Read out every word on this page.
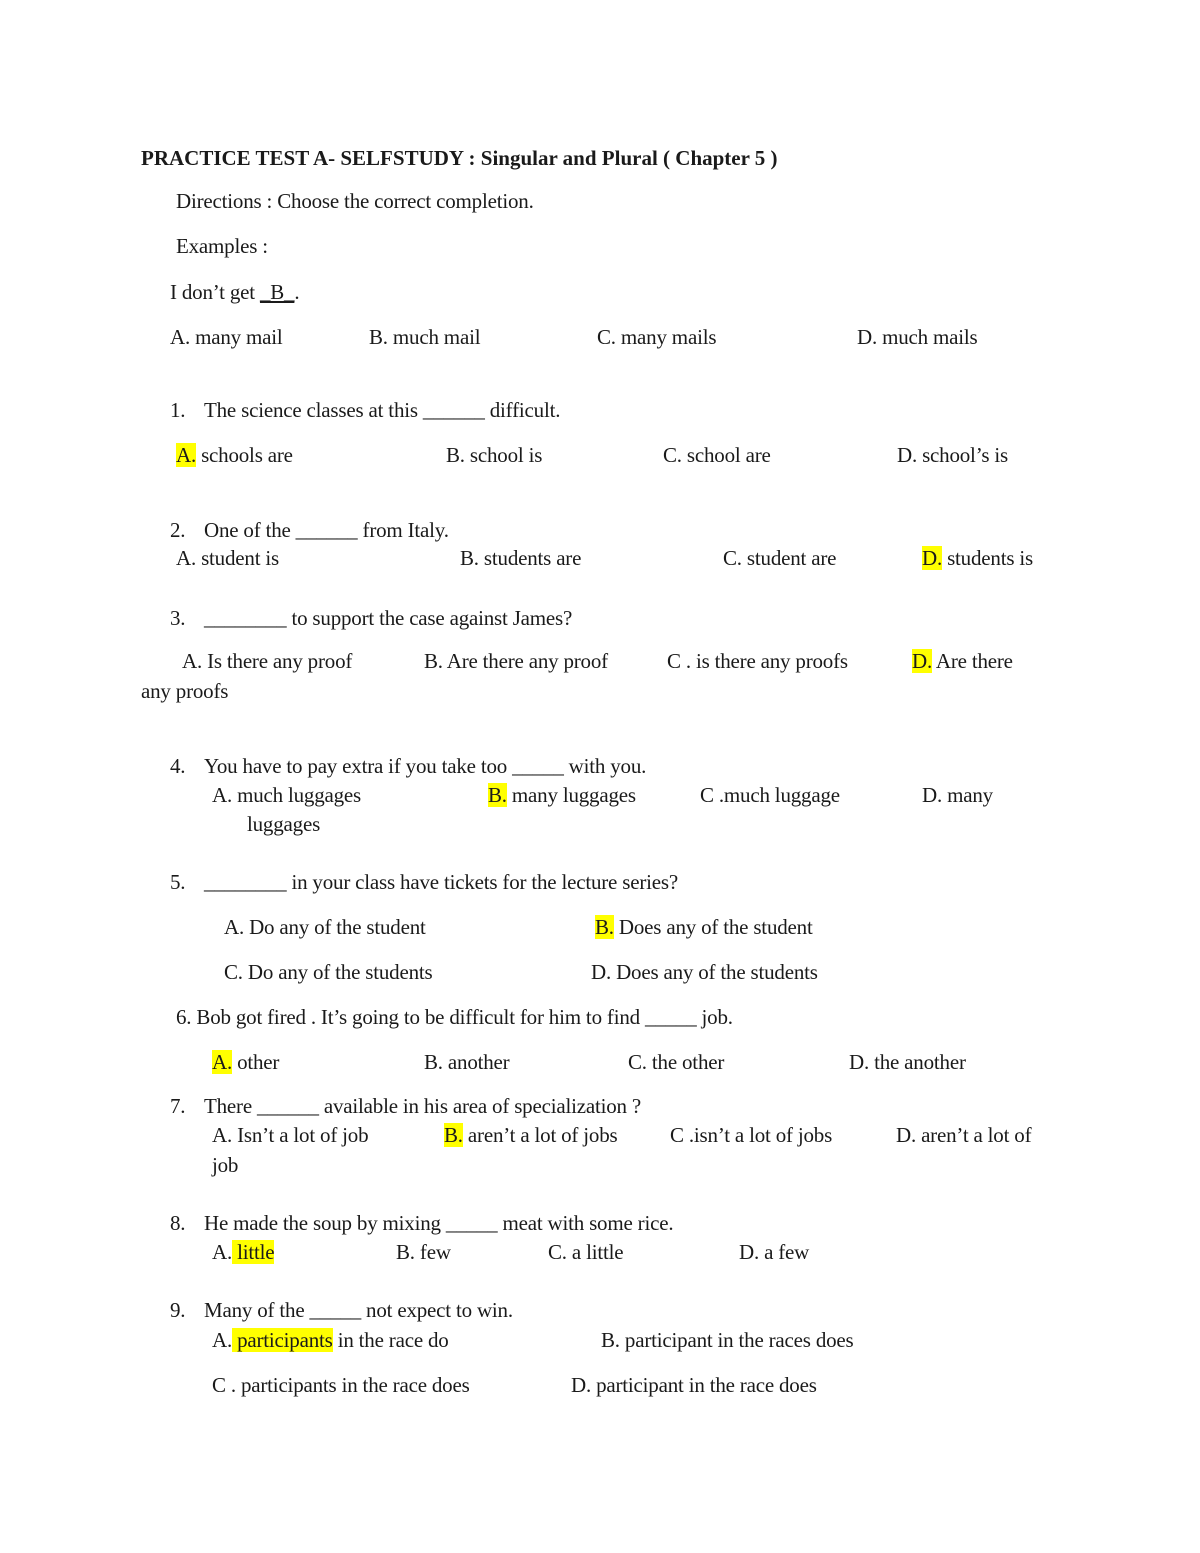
PRACTICE TEST A- SELFSTUDY : Singular and Plural ( Chapter 5 )
Directions : Choose the correct completion.
Examples :
I don’t get _B_.
A. many mail	B. much mail	C. many mails	D. much mails
1. The science classes at this ______ difficult.
A. schools are	B. school is	C. school are	D. school’s is
2. One of the ______ from Italy.
A. student is	B. students are	C. student are	D. students is
3. ________ to support the case against James?
A. Is there any proof	B. Are there any proof	C . is there any proofs	D. Are there
any proofs
4. You have to pay extra if you take too _____ with you.
A. much luggages	B. many luggages	C .much luggage	D. many
luggages
5. ________ in your class have tickets for the lecture series?
A. Do any of the student	B. Does any of the student
C. Do any of the students	D. Does any of the students
6. Bob got fired . It’s going to be difficult for him to find _____ job.
A. other	B. another	C. the other	D. the another
7. There ______ available in his area of specialization ?
A. Isn’t a lot of job	B. aren’t a lot of jobs	C .isn’t a lot of jobs	D. aren’t a lot of
job
8. He made the soup by mixing _____ meat with some rice.
A. little	B. few	C. a little	D. a few
9. Many of the _____ not expect to win.
A. participants in the race do	B. participant in the races does
C . participants in the race does	D. participant in the race does
